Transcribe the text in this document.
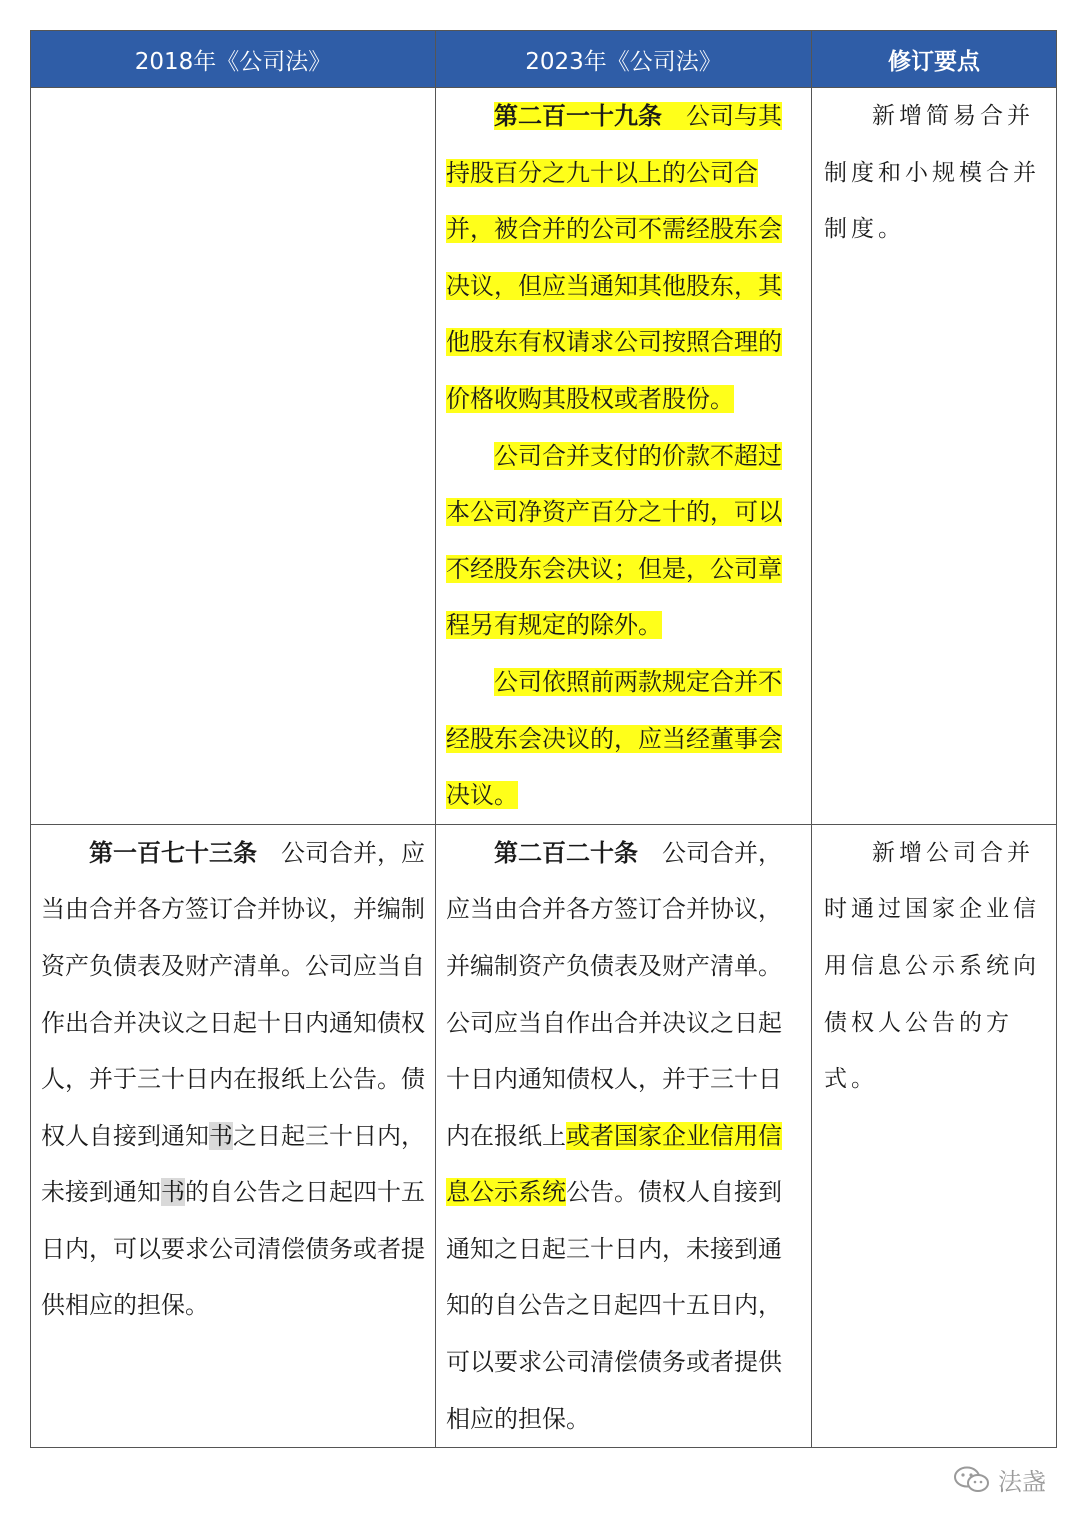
2018年《公司法》	2023年《公司法》	修订要点

	第二百一十九条　 公司与其持股百分之九十以上的公司合并，被合并的公司不需经股东会决议，但应当通知其他股东，其他股东有权请求公司按照合理的价格收购其股权或者股份。

公司合并支付的价款不超过本公司净资产百分之十的，可以不经股东会决议；但是，公司章程另有规定的除外。

公司依照前两款规定合并不经股东会决议的，应当经董事会决议。	新增简易合并制度和小规模合并制度。

第一百七十三条　 公司合并，应当由合并各方签订合并协议，并编制资产负债表及财产清单。公司应当自作出合并决议之日起十日内通知债权人，并于三十日内在报纸上公告。债权人自接到通知书之日起三十日内，未接到通知书的自公告之日起四十五日内，可以要求公司清偿债务或者提供相应的担保。	第二百二十条　 公司合并，应当由合并各方签订合并协议，并编制资产负债表及财产清单。公司应当自作出合并决议之日起十日内通知债权人，并于三十日内在报纸上或者国家企业信用信息公示系统公告。债权人自接到通知之日起三十日内，未接到通知的自公告之日起四十五日内，可以要求公司清偿债务或者提供相应的担保。	新增公司合并时通过国家企业信用信息公示系统向债权人公告的方式。

法盏
